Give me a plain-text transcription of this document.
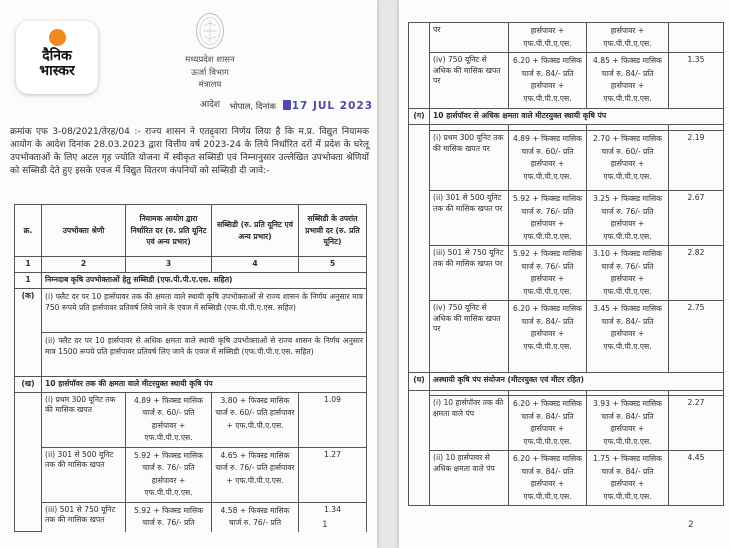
दैनिक
भास्कर
मध्यप्रदेश शासन
ऊर्जा विभाग
मंत्रालय
आदेश	भोपाल, दिनांक 17 JUL 2023
क्रमांक एफ 3-08/2021/तेरह/04 :- राज्य शासन ने एतद्द्वारा निर्णय लिया है कि म.प्र. विद्युत नियामक आयोग के आदेश दिनांक 28.03.2023 द्वारा वित्तीय वर्ष 2023-24 के लिये निर्धारित दरों में प्रदेश के घरेलू उपभोक्ताओं के लिए अटल गृह ज्योति योजना में स्वीकृत सब्सिडी एवं निम्नानुसार उल्लेखित उपभोक्ता श्रेणियों को सब्सिडी देते हुए इसके एवज में विद्युत वितरण कंपनियों को सब्सिडी दी जावे:-
क्र.	उपभोक्ता श्रेणी	नियामक आयोग द्वारा निर्धारित दर (रु. प्रति यूनिट एवं अन्य प्रभार)	सब्सिडी (रु. प्रति यूनिट एवं अन्य प्रभार)	सब्सिडी के उपरांत प्रभावी दर (रु. प्रति यूनिट)
1	2	3	4	5
1	निम्नदाब कृषि उपभोक्ताओं हेतु सब्सिडी (एफ.पी.पी.ए.एस. सहित)			
(क)	(i) फ्लैट दर पर 10 हार्सपावर तक की क्षमता वाले स्थायी कृषि उपभोक्ताओं से राज्य शासन के निर्णय अनुसार मात्र 750 रूपये प्रति हार्सपावर प्रतिवर्ष लिये जाने के एवज में सब्सिडी (एफ.पी.पी.ए.एस. सहित)			
	(ii) फ्लैट दर पर 10 हार्सपावर से अधिक क्षमता वाले स्थायी कृषि उपभोक्ताओं से राज्य शासन के निर्णय अनुसार मात्र 1500 रूपये प्रति हार्सपावर प्रतिवर्ष लिए जाने के एवज में सब्सिडी (एफ.पी.पी.ए.एस. सहित)			
(ख)	10 हार्सपॉवर तक की क्षमता वाले मीटरयुक्त स्थायी कृषि पंप			
	(i) प्रथम 300 यूनिट तक की मासिक खपत	4.89 + फिक्स्ड मासिक चार्ज रु. 60/- प्रति हार्सपावर + एफ.पी.पी.ए.एस.	3.80 + फिक्स्ड मासिक चार्ज रु. 60/- प्रति हार्सपावर + एफ.पी.पी.ए.एस.	1.09
	(ii) 301 से 500 यूनिट तक की मासिक खपत	5.92 + फिक्स्ड मासिक चार्ज रु. 76/- प्रति हार्सपावर + एफ.पी.पी.ए.एस.	4.65 + फिक्स्ड मासिक चार्ज रु. 76/- प्रति हार्सपावर + एफ.पी.पी.ए.एस.	1.27
	(iii) 501 से 750 यूनिट तक की मासिक खपत	5.92 + फिक्स्ड मासिक चार्ज रु. 76/- प्रति	4.58 + फिक्स्ड मासिक चार्ज रु. 76/- प्रति	1.34
1
	पर	हार्सपावर + एफ.पी.पी.ए.एस.	हार्सपावर + एफ.पी.पी.ए.एस.	
	(iv) 750 यूनिट से अधिक की मासिक खपत पर	6.20 + फिक्स्ड मासिक चार्ज रु. 84/- प्रति हार्सपावर + एफ.पी.पी.ए.एस.	4.85 + फिक्स्ड मासिक चार्ज रु. 84/- प्रति हार्सपावर + एफ.पी.पी.ए.एस.	1.35
(ग)	10 हार्सपॉवर से अधिक क्षमता वाले मीटरयुक्त स्थायी कृषि पंप			

	(i) प्रथम 300 यूनिट तक की मासिक खपत पर	4.89 + फिक्स्ड मासिक चार्ज रु. 60/- प्रति हार्सपावर + एफ.पी.पी.ए.एस.	2.70 + फिक्स्ड मासिक चार्ज रु. 60/- प्रति हार्सपावर + एफ.पी.पी.ए.एस.	2.19
	(ii) 301 से 500 यूनिट तक की मासिक खपत पर	5.92 + फिक्स्ड मासिक चार्ज रु. 76/- प्रति हार्सपावर + एफ.पी.पी.ए.एस.	3.25 + फिक्स्ड मासिक चार्ज रु. 76/- प्रति हार्सपावर + एफ.पी.पी.ए.एस.	2.67
	(iii) 501 से 750 यूनिट तक की मासिक खपत पर	5.92 + फिक्स्ड मासिक चार्ज रु. 76/- प्रति हार्सपावर + एफ.पी.पी.ए.एस.	3.10 + फिक्स्ड मासिक चार्ज रु. 76/- प्रति हार्सपावर + एफ.पी.पी.ए.एस.	2.82
	(iv) 750 यूनिट से अधिक की मासिक खपत पर	6.20 + फिक्स्ड मासिक चार्ज रु. 84/- प्रति हार्सपावर + एफ.पी.पी.ए.एस.	3.45 + फिक्स्ड मासिक चार्ज रु. 84/- प्रति हार्सपावर + एफ.पी.पी.ए.एस.	2.75
(घ)	अस्थायी कृषि पंप संयोजन (मीटरयुक्त एवं मीटर रहित)			

	(i) 10 हार्सपॉवर तक की क्षमता वाले पंप	6.20 + फिक्स्ड मासिक चार्ज रु. 84/- प्रति हार्सपावर + एफ.पी.पी.ए.एस.	3.93 + फिक्स्ड मासिक चार्ज रु. 84/- प्रति हार्सपावर + एफ.पी.पी.ए.एस.	2.27
	(ii) 10 हार्सपावर से अधिक क्षमता वाले पंप	6.20 + फिक्स्ड मासिक चार्ज रु. 84/- प्रति हार्सपावर + एफ.पी.पी.ए.एस.	1.75 + फिक्स्ड मासिक चार्ज रु. 84/- प्रति हार्सपावर + एफ.पी.पी.ए.एस.	4.45
2
